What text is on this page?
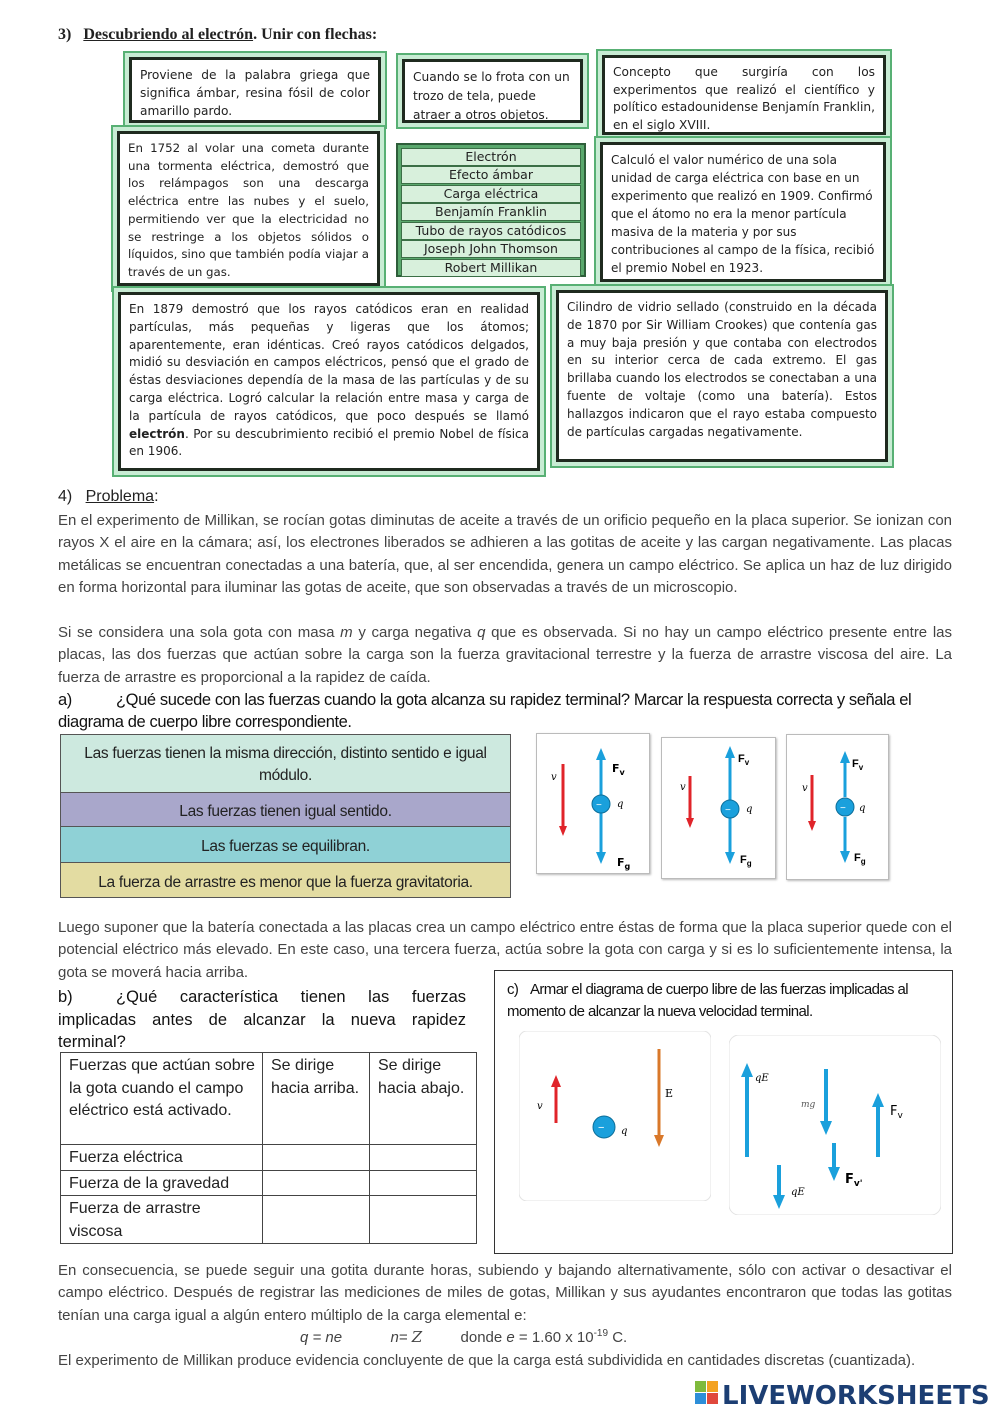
3) Descubriendo al electrón. Unir con flechas:
Proviene de la palabra griega que significa ámbar, resina fósil de color amarillo pardo.
Cuando se lo frota con un trozo de tela, puede atraer a otros objetos.
Concepto que surgiría con los experimentos que realizó el científico y político estadounidense Benjamín Franklin, en el siglo XVIII.
En 1752 al volar una cometa durante una tormenta eléctrica, demostró que los relámpagos son una descarga eléctrica entre las nubes y el suelo, permitiendo ver que la electricidad no se restringe a los objetos sólidos o líquidos, sino que también podía viajar a través de un gas.
Calculó el valor numérico de una sola unidad de carga eléctrica con base en un experimento que realizó en 1909. Confirmó que el átomo no era la menor partícula masiva de la materia y por sus contribuciones al campo de la física, recibió el premio Nobel en 1923.
En 1879 demostró que los rayos catódicos eran en realidad partículas, más pequeñas y ligeras que los átomos; aparentemente, eran idénticas. Creó rayos catódicos delgados, midió su desviación en campos eléctricos, pensó que el grado de éstas desviaciones dependía de la masa de las partículas y de su carga eléctrica. Logró calcular la relación entre masa y carga de la partícula de rayos catódicos, que poco después se llamó electrón. Por su descubrimiento recibió el premio Nobel de física en 1906.
Cilindro de vidrio sellado (construido en la década de 1870 por Sir William Crookes) que contenía gas a muy baja presión y que contaba con electrodos en su interior cerca de cada extremo. El gas brillaba cuando los electrodos se conectaban a una fuente de voltaje (como una batería). Estos hallazgos indicaron que el rayo estaba compuesto de partículas cargadas negativamente.
Electrón
Efecto ámbar
Carga eléctrica
Benjamín Franklin
Tubo de rayos catódicos
Joseph John Thomson
Robert Millikan
4) Problema:
En el experimento de Millikan, se rocían gotas diminutas de aceite a través de un orificio pequeño en la placa superior. Se ionizan con rayos X el aire en la cámara; así, los electrones liberados se adhieren a las gotitas de aceite y las cargan negativamente. Las placas metálicas se encuentran conectadas a una batería, que, al ser encendida, genera un campo eléctrico. Se aplica un haz de luz dirigido en forma horizontal para iluminar las gotas de aceite, que son observadas a través de un microscopio.
Si se considera una sola gota con masa m y carga negativa q que es observada. Si no hay un campo eléctrico presente entre las placas, las dos fuerzas que actúan sobre la carga son la fuerza gravitacional terrestre y la fuerza de arrastre viscosa del aire. La fuerza de arrastre es proporcional a la rapidez de caída.
a)	¿Qué sucede con las fuerzas cuando la gota alcanza su rapidez terminal? Marcar la respuesta correcta y señala el diagrama de cuerpo libre correspondiente.
Las fuerzas tienen la misma dirección, distinto sentido e igual módulo.
Las fuerzas tienen igual sentido.
Las fuerzas se equilibran.
La fuerza de arrastre es menor que la fuerza gravitatoria.
v
− q
$F_v$
$F_g$
v
− q
$F_v$
$F_g$
v
− q
$F_v$
$F_g$
Luego suponer que la batería conectada a las placas crea un campo eléctrico entre éstas de forma que la placa superior quede con el potencial eléctrico más elevado. En este caso, una tercera fuerza, actúa sobre la gota con carga y si es lo suficientemente intensa, la gota se moverá hacia arriba.
b)	¿Qué característica tienen las fuerzas implicadas antes de alcanzar la nueva rapidez terminal?
Fuerzas que actúan sobre la gota cuando el campo eléctrico está activado.	Se dirige hacia arriba.	Se dirige hacia abajo.
Fuerza eléctrica		
Fuerza de la gravedad		
Fuerza de arrastre viscosa		
c) Armar el diagrama de cuerpo libre de las fuerzas implicadas al momento de alcanzar la nueva velocidad terminal.
v
− q
E
qE
mg	$F_v$
$F_{v'}$
qE
En consecuencia, se puede seguir una gotita durante horas, subiendo y bajando alternativamente, sólo con activar o desactivar el campo eléctrico. Después de registrar las mediciones de miles de gotas, Millikan y sus ayudantes encontraron que todas las gotitas tenían una carga igual a algún entero múltiplo de la carga elemental e:
q = ne	n= Z	donde e = 1.60 x $10^{-19}$ C.
El experimento de Millikan produce evidencia concluyente de que la carga está subdividida en cantidades discretas (cuantizada).
LIVEWORKSHEETS
